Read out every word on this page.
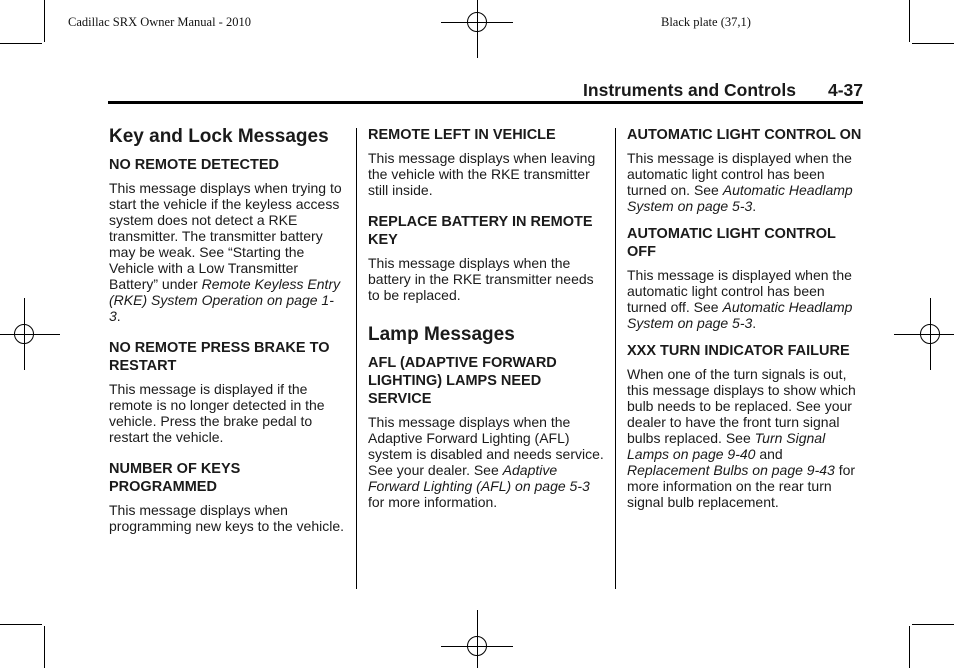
Cadillac SRX Owner Manual - 2010	Black plate (37,1)
Instruments and Controls 4-37
Key and Lock Messages
NO REMOTE DETECTED

This message displays when trying to start the vehicle if the keyless access system does not detect a RKE transmitter. The transmitter battery may be weak. See “Starting the Vehicle with a Low Transmitter Battery” under Remote Keyless Entry (RKE) System Operation on page 1-3.

NO REMOTE PRESS BRAKE TO RESTART

This message is displayed if the remote is no longer detected in the vehicle. Press the brake pedal to restart the vehicle.

NUMBER OF KEYS PROGRAMMED

This message displays when programming new keys to the vehicle.

REMOTE LEFT IN VEHICLE

This message displays when leaving the vehicle with the RKE transmitter still inside.

REPLACE BATTERY IN REMOTE KEY

This message displays when the battery in the RKE transmitter needs to be replaced.

Lamp Messages
AFL (ADAPTIVE FORWARD LIGHTING) LAMPS NEED SERVICE

This message displays when the Adaptive Forward Lighting (AFL) system is disabled and needs service. See your dealer. See Adaptive Forward Lighting (AFL) on page 5-3 for more information.

AUTOMATIC LIGHT CONTROL ON

This message is displayed when the automatic light control has been turned on. See Automatic Headlamp System on page 5-3.

AUTOMATIC LIGHT CONTROL OFF

This message is displayed when the automatic light control has been turned off. See Automatic Headlamp System on page 5-3.

XXX TURN INDICATOR FAILURE

When one of the turn signals is out, this message displays to show which bulb needs to be replaced. See your dealer to have the front turn signal bulbs replaced. See Turn Signal Lamps on page 9-40 and Replacement Bulbs on page 9-43 for more information on the rear turn signal bulb replacement.
